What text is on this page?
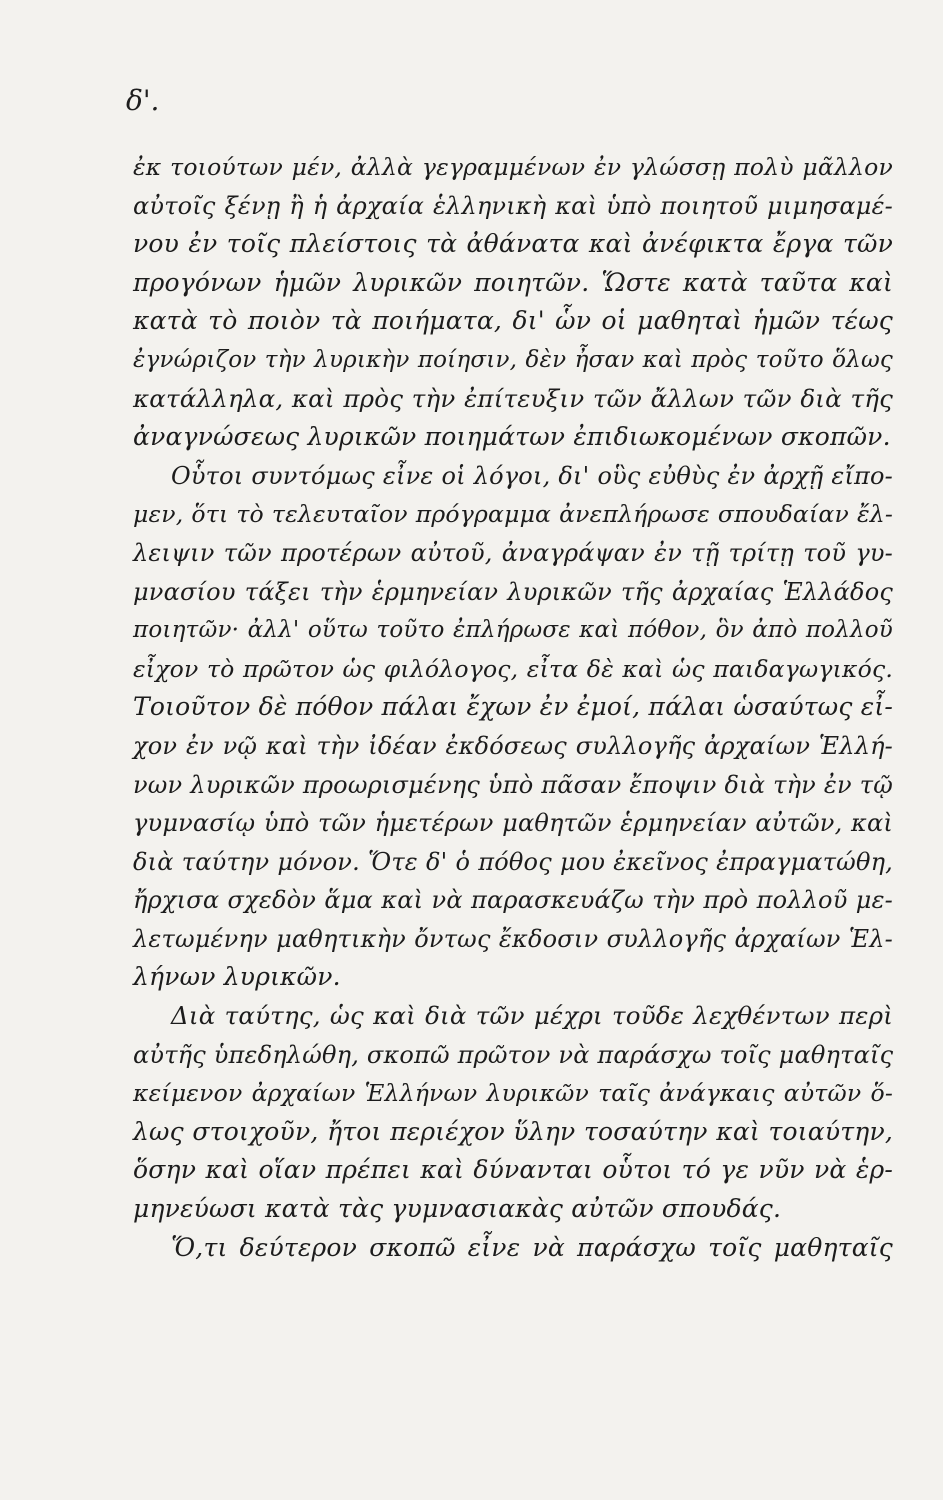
δ'.
ἐκ τοιούτων μέν, ἀλλὰ γεγραμμένων ἐν γλώσσῃ πολὺ μᾶλλον
αὐτοῖς ξένῃ ἢ ἡ ἀρχαία ἑλληνικὴ καὶ ὑπὸ ποιητοῦ μιμησαμέ-
νου ἐν τοῖς πλείστοις τὰ ἀθάνατα καὶ ἀνέφικτα ἔργα τῶν
προγόνων ἡμῶν λυρικῶν ποιητῶν. Ὥστε κατὰ ταῦτα καὶ
κατὰ τὸ ποιὸν τὰ ποιήματα, δι' ὧν οἱ μαθηταὶ ἡμῶν τέως
ἐγνώριζον τὴν λυρικὴν ποίησιν, δὲν ἦσαν καὶ πρὸς τοῦτο ὅλως
κατάλληλα, καὶ πρὸς τὴν ἐπίτευξιν τῶν ἄλλων τῶν διὰ τῆς
ἀναγνώσεως λυρικῶν ποιημάτων ἐπιδιωκομένων σκοπῶν.
Οὗτοι συντόμως εἶνε οἱ λόγοι, δι' οὓς εὐθὺς ἐν ἀρχῇ εἴπο-
μεν, ὅτι τὸ τελευταῖον πρόγραμμα ἀνεπλήρωσε σπουδαίαν ἔλ-
λειψιν τῶν προτέρων αὐτοῦ, ἀναγράψαν ἐν τῇ τρίτῃ τοῦ γυ-
μνασίου τάξει τὴν ἑρμηνείαν λυρικῶν τῆς ἀρχαίας Ἑλλάδος
ποιητῶν· ἀλλ' οὕτω τοῦτο ἐπλήρωσε καὶ πόθον, ὃν ἀπὸ πολλοῦ
εἶχον τὸ πρῶτον ὡς φιλόλογος, εἶτα δὲ καὶ ὡς παιδαγωγικός.
Τοιοῦτον δὲ πόθον πάλαι ἔχων ἐν ἐμοί, πάλαι ὡσαύτως εἶ-
χον ἐν νῷ καὶ τὴν ἰδέαν ἐκδόσεως συλλογῆς ἀρχαίων Ἑλλή-
νων λυρικῶν προωρισμένης ὑπὸ πᾶσαν ἔποψιν διὰ τὴν ἐν τῷ
γυμνασίῳ ὑπὸ τῶν ἡμετέρων μαθητῶν ἑρμηνείαν αὐτῶν, καὶ
διὰ ταύτην μόνον. Ὅτε δ' ὁ πόθος μου ἐκεῖνος ἐπραγματώθη,
ἤρχισα σχεδὸν ἅμα καὶ νὰ παρασκευάζω τὴν πρὸ πολλοῦ με-
λετωμένην μαθητικὴν ὄντως ἔκδοσιν συλλογῆς ἀρχαίων Ἑλ-
λήνων λυρικῶν.
Διὰ ταύτης, ὡς καὶ διὰ τῶν μέχρι τοῦδε λεχθέντων περὶ
αὐτῆς ὑπεδηλώθη, σκοπῶ πρῶτον νὰ παράσχω τοῖς μαθηταῖς
κείμενον ἀρχαίων Ἑλλήνων λυρικῶν ταῖς ἀνάγκαις αὐτῶν ὅ-
λως στοιχοῦν, ἤτοι περιέχον ὕλην τοσαύτην καὶ τοιαύτην,
ὅσην καὶ οἵαν πρέπει καὶ δύνανται οὗτοι τό γε νῦν νὰ ἑρ-
μηνεύωσι κατὰ τὰς γυμνασιακὰς αὐτῶν σπουδάς.
Ὅ,τι δεύτερον σκοπῶ εἶνε νὰ παράσχω τοῖς μαθηταῖς
